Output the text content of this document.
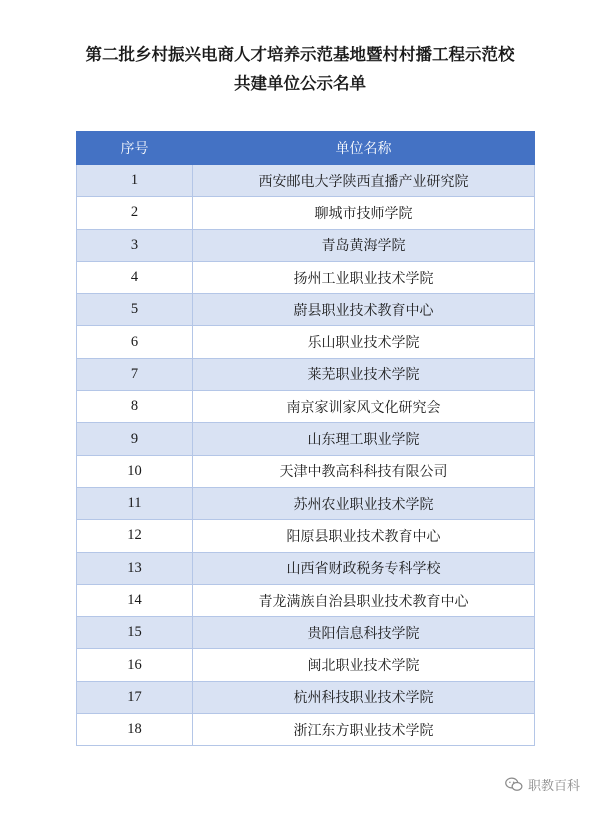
第二批乡村振兴电商人才培养示范基地暨村村播工程示范校
共建单位公示名单
序号	单位名称
1	西安邮电大学陕西直播产业研究院
2	聊城市技师学院
3	青岛黄海学院
4	扬州工业职业技术学院
5	蔚县职业技术教育中心
6	乐山职业技术学院
7	莱芜职业技术学院
8	南京家训家风文化研究会
9	山东理工职业学院
10	天津中教高科科技有限公司
11	苏州农业职业技术学院
12	阳原县职业技术教育中心
13	山西省财政税务专科学校
14	青龙满族自治县职业技术教育中心
15	贵阳信息科技学院
16	闽北职业技术学院
17	杭州科技职业技术学院
18	浙江东方职业技术学院
职教百科
